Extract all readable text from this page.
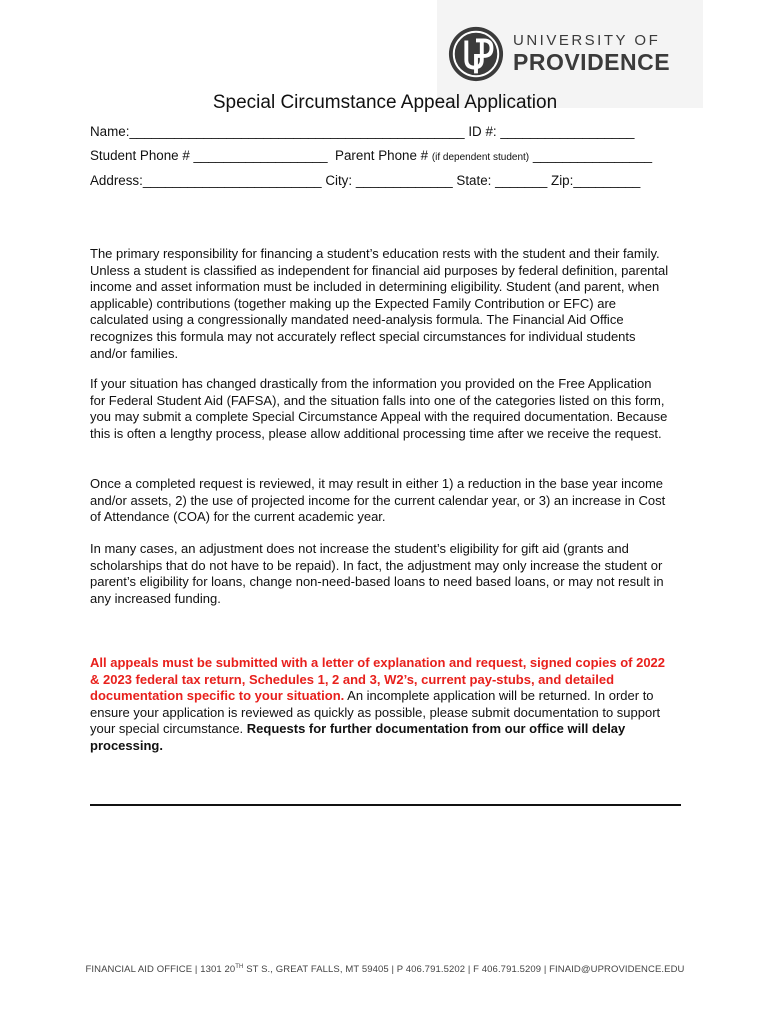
UNIVERSITY OF
PROVIDENCE
Special Circumstance Appeal Application
Name:_____________________________________________ ID #: __________________
Student Phone # __________________ Parent Phone # (if dependent student) ________________
Address:________________________ City: _____________ State: _______ Zip:_________

The primary responsibility for financing a student’s education rests with the student and their family. Unless a student is classified as independent for financial aid purposes by federal definition, parental income and asset information must be included in determining eligibility. Student (and parent, when applicable) contributions (together making up the Expected Family Contribution or EFC) are calculated using a congressionally mandated need-analysis formula. The Financial Aid Office recognizes this formula may not accurately reflect special circumstances for individual students and/or families.

If your situation has changed drastically from the information you provided on the Free Application for Federal Student Aid (FAFSA), and the situation falls into one of the categories listed on this form, you may submit a complete Special Circumstance Appeal with the required documentation. Because this is often a lengthy process, please allow additional processing time after we receive the request.

Once a completed request is reviewed, it may result in either 1) a reduction in the base year income and/or assets, 2) the use of projected income for the current calendar year, or 3) an increase in Cost of Attendance (COA) for the current academic year.

In many cases, an adjustment does not increase the student’s eligibility for gift aid (grants and scholarships that do not have to be repaid). In fact, the adjustment may only increase the student or parent’s eligibility for loans, change non-need-based loans to need based loans, or may not result in any increased funding.

All appeals must be submitted with a letter of explanation and request, signed copies of 2022 & 2023 federal tax return, Schedules 1, 2 and 3, W2’s, current pay-stubs, and detailed documentation specific to your situation. An incomplete application will be returned. In order to ensure your application is reviewed as quickly as possible, please submit documentation to support your special circumstance. Requests for further documentation from our office will delay processing.

FINANCIAL AID OFFICE | 1301 20TH ST S., GREAT FALLS, MT 59405 | P 406.791.5202 | F 406.791.5209 | FINAID@UPROVIDENCE.EDU
